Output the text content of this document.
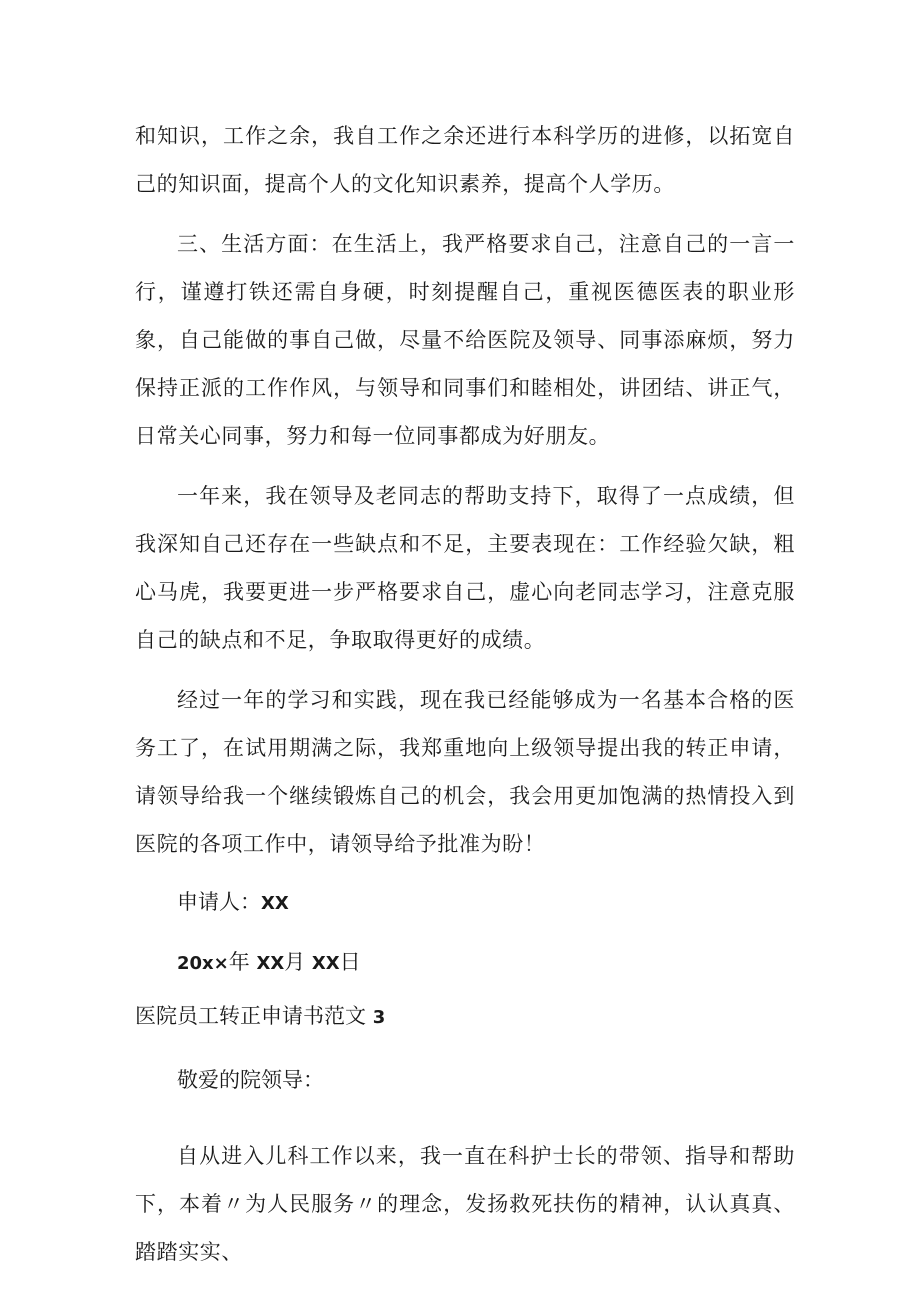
和知识，工作之余，我自工作之余还进行本科学历的进修，以拓宽自己的知识面，提高个人的文化知识素养，提高个人学历。

三、生活方面：在生活上，我严格要求自己，注意自己的一言一行，谨遵打铁还需自身硬，时刻提醒自己，重视医德医表的职业形象，自己能做的事自己做，尽量不给医院及领导、同事添麻烦，努力保持正派的工作作风，与领导和同事们和睦相处，讲团结、讲正气，日常关心同事，努力和每一位同事都成为好朋友。

一年来，我在领导及老同志的帮助支持下，取得了一点成绩，但我深知自己还存在一些缺点和不足，主要表现在：工作经验欠缺，粗心马虎，我要更进一步严格要求自己，虚心向老同志学习，注意克服自己的缺点和不足，争取取得更好的成绩。

经过一年的学习和实践，现在我已经能够成为一名基本合格的医务工了，在试用期满之际，我郑重地向上级领导提出我的转正申请，请领导给我一个继续锻炼自己的机会，我会用更加饱满的热情投入到医院的各项工作中，请领导给予批准为盼！

申请人：XX
20x×年 XX月 XX日
医院员工转正申请书范文 3
敬爱的院领导：

自从进入儿科工作以来，我一直在科护士长的带领、指导和帮助下，本着〃为人民服务〃的理念，发扬救死扶伤的精神，认认真真、踏踏实实、
